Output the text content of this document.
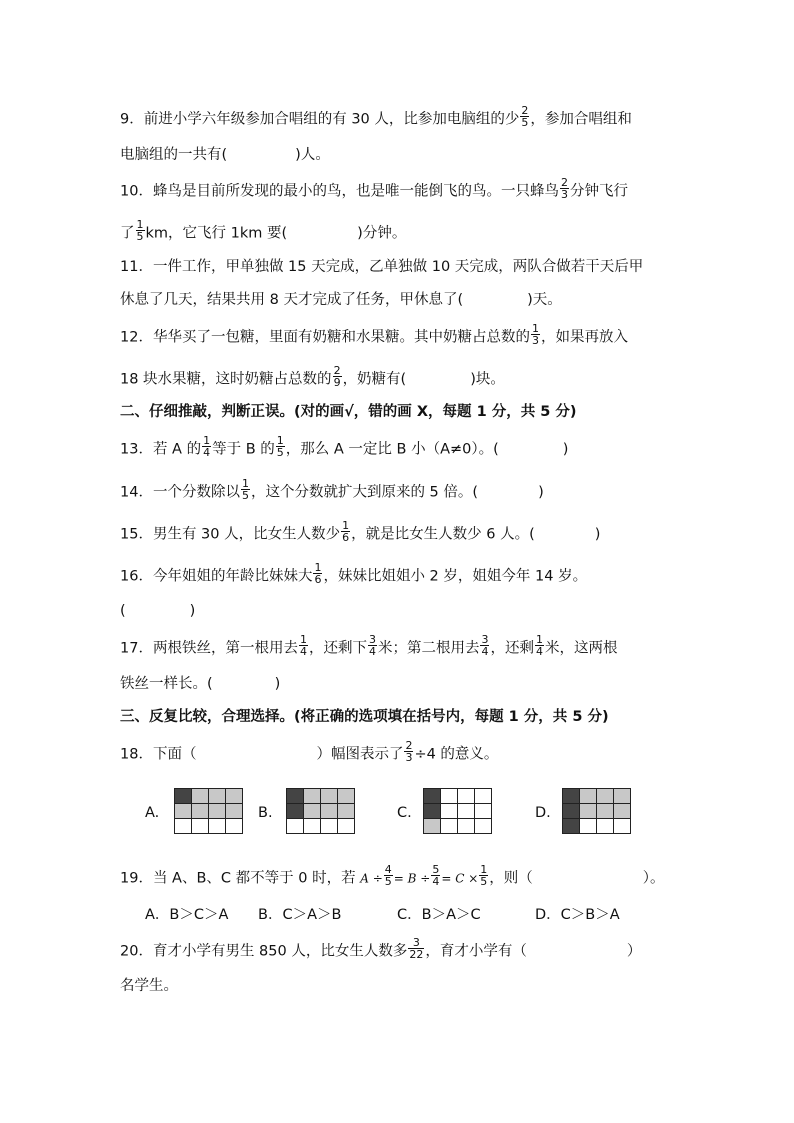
9．前进小学六年级参加合唱组的有 30 人，比参加电脑组的少 $\frac{2}{5}$ ，参加合唱组和
电脑组的一共有(	)人。
10．蜂鸟是目前所发现的最小的鸟，也是唯一能倒飞的鸟。一只蜂鸟 $\frac{2}{3}$ 分钟飞行
了 $\frac{1}{5}$ km，它飞行 1km 要(	)分钟。
11．一件工作，甲单独做 15 天完成，乙单独做 10 天完成，两队合做若干天后甲
休息了几天，结果共用 8 天才完成了任务，甲休息了(	)天。
12．华华买了一包糖，里面有奶糖和水果糖。其中奶糖占总数的 $\frac{1}{3}$ ，如果再放入
18 块水果糖，这时奶糖占总数的 $\frac{2}{9}$ ，奶糖有(	)块。
二、仔细推敲，判断正误。(对的画√，错的画 X，每题 1 分，共 5 分)
13．若 A 的 $\frac{1}{4}$ 等于 B 的 $\frac{1}{5}$ ，那么 A 一定比 B 小（A≠0）。(	)
14．一个分数除以 $\frac{1}{5}$ ，这个分数就扩大到原来的 5 倍。(	)
15．男生有 30 人，比女生人数少 $\frac{1}{6}$ ，就是比女生人数少 6 人。(	)
16．今年姐姐的年龄比妹妹大 $\frac{1}{6}$ ，妹妹比姐姐小 2 岁，姐姐今年 14 岁。
(	)
17．两根铁丝，第一根用去 $\frac{1}{4}$ ，还剩下 $\frac{3}{4}$ 米；第二根用去 $\frac{3}{4}$ ，还剩 $\frac{1}{4}$ 米，这两根
铁丝一样长。(	)
三、反复比较，合理选择。(将正确的选项填在括号内，每题 1 分，共 5 分)
18．下面（	）幅图表示了 $\frac{2}{3} \div 4$ 的意义。
A.

				B.

				C.

				D.

19．当 A、B、C 都不等于 0 时，若 $A \div \frac{4}{5} = B \div \frac{5}{4} = C \times \frac{1}{5}$ ，则（	）。
A．B＞C＞A B．C＞A＞B	C．B＞A＞C	D．C＞B＞A
20．育才小学有男生 850 人，比女生人数多 $\frac{3}{22}$ ，育才小学有（	）
名学生。
